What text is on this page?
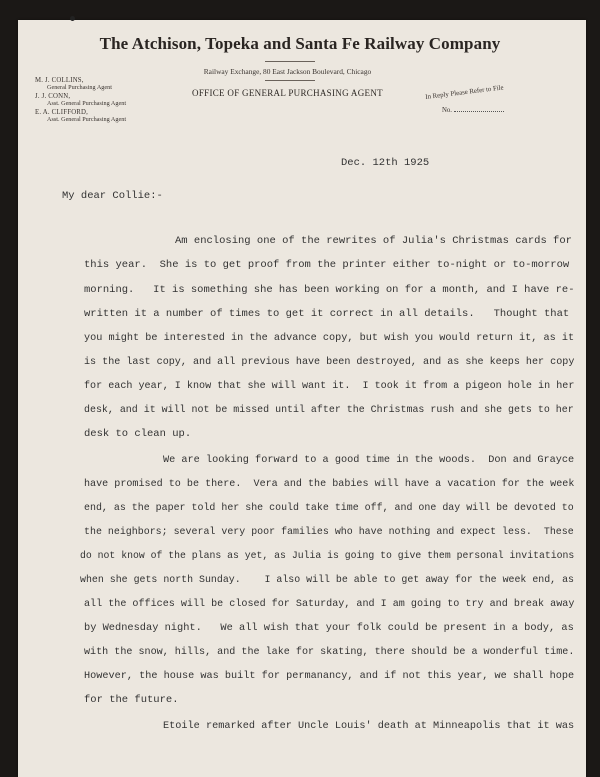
The Atchison, Topeka and Santa Fe Railway Company
Railway Exchange, 80 East Jackson Boulevard, Chicago
OFFICE OF GENERAL PURCHASING AGENT
M. J. COLLINS,
General Purchasing Agent
J. J. CONN,
Asst. General Purchasing Agent
E. A. CLIFFORD,
Asst. General Purchasing Agent
In Reply Please Refer to File
No.
Dec. 12th 1925
My dear Collie:-
Am enclosing one of the rewrites of Julia's Christmas cards for
this year.  She is to get proof from the printer either to-night or to-morrow
morning.   It is something she has been working on for a month, and I have re-
written it a number of times to get it correct in all details.   Thought that
you might be interested in the advance copy, but wish you would return it, as it
is the last copy, and all previous have been destroyed, and as she keeps her copy
for each year, I know that she will want it.  I took it from a pigeon hole in her
desk, and it will not be missed until after the Christmas rush and she gets to her
desk to clean up.
We are looking forward to a good time in the woods.  Don and Grayce
have promised to be there.  Vera and the babies will have a vacation for the week
end, as the paper told her she could take time off, and one day will be devoted to
the neighbors; several very poor families who have nothing and expect less.  These
do not know of the plans as yet, as Julia is going to give them personal invitations
when she gets north Sunday.    I also will be able to get away for the week end, as
all the offices will be closed for Saturday, and I am going to try and break away
by Wednesday night.   We all wish that your folk could be present in a body, as
with the snow, hills, and the lake for skating, there should be a wonderful time.
However, the house was built for permanancy, and if not this year, we shall hope
for the future.
Etoile remarked after Uncle Louis' death at Minneapolis that it was
